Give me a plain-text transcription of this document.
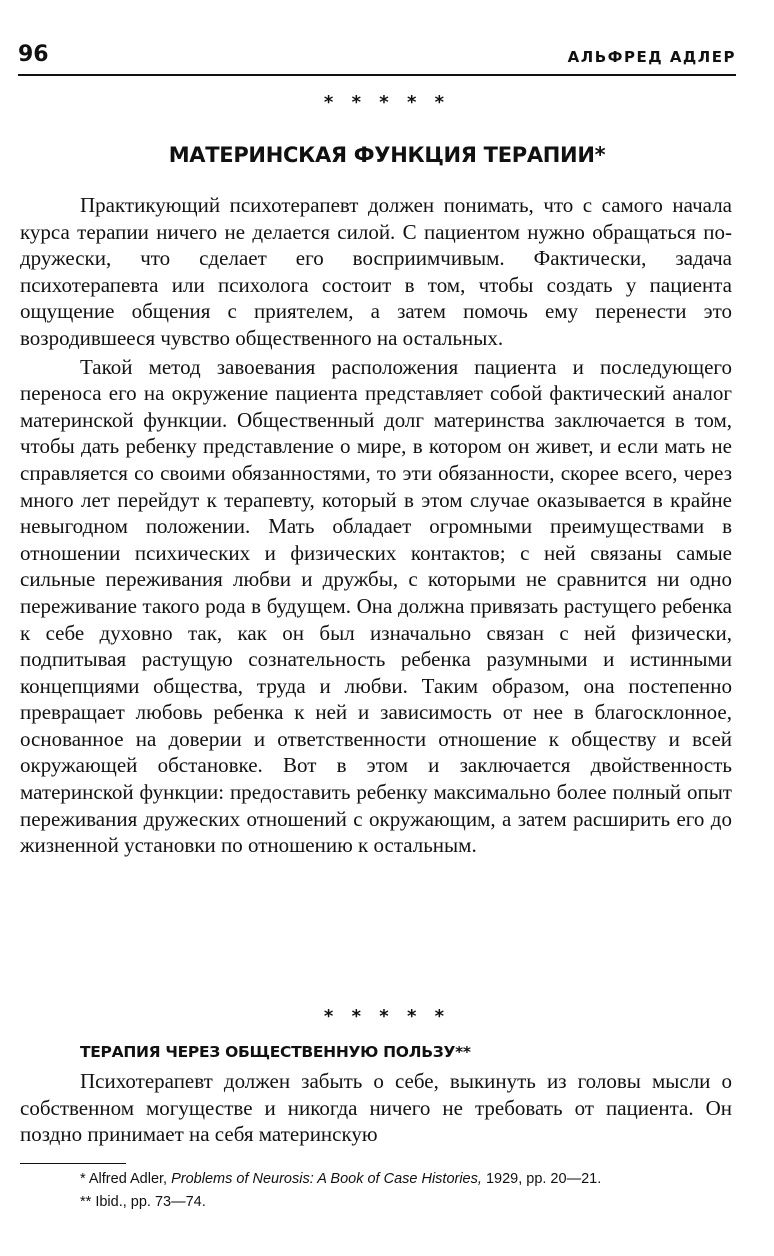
96	АЛЬФРЕД АДЛЕР
* * * * *
МАТЕРИНСКАЯ ФУНКЦИЯ ТЕРАПИИ*

Практикующий психотерапевт должен понимать, что с самого начала курса терапии ничего не делается силой. С пациентом нужно обращаться по-дружески, что сделает его восприимчивым. Фактически, задача психотерапевта или психолога состоит в том, чтобы создать у пациента ощущение общения с приятелем, а затем помочь ему перенести это возродившееся чувство общественного на остальных.

Такой метод завоевания расположения пациента и последующего переноса его на окружение пациента представляет собой фактический аналог материнской функции. Общественный долг материнства заключается в том, чтобы дать ребенку представление о мире, в котором он живет, и если мать не справляется со своими обязанностями, то эти обязанности, скорее всего, через много лет перейдут к терапевту, который в этом случае оказывается в крайне невыгодном положении. Мать обладает огромными преимуществами в отношении психических и физических контактов; с ней связаны самые сильные переживания любви и дружбы, с которыми не сравнится ни одно переживание такого рода в будущем. Она должна привязать растущего ребенка к себе духовно так, как он был изначально связан с ней физически, подпитывая растущую сознательность ребенка разумными и истинными концепциями общества, труда и любви. Таким образом, она постепенно превращает любовь ребенка к ней и зависимость от нее в благосклонное, основанное на доверии и ответственности отношение к обществу и всей окружающей обстановке. Вот в этом и заключается двойственность материнской функции: предоставить ребенку максимально более полный опыт переживания дружеских отношений с окружающим, а затем расширить его до жизненной установки по отношению к остальным.

* * * * *
ТЕРАПИЯ ЧЕРЕЗ ОБЩЕСТВЕННУЮ ПОЛЬЗУ**

Психотерапевт должен забыть о себе, выкинуть из головы мысли о собственном могуществе и никогда ничего не требовать от пациента. Он поздно принимает на себя материнскую

* Alfred Adler, Problems of Neurosis: A Book of Case Histories, 1929, pp. 20—21.

** Ibid., pp. 73—74.
